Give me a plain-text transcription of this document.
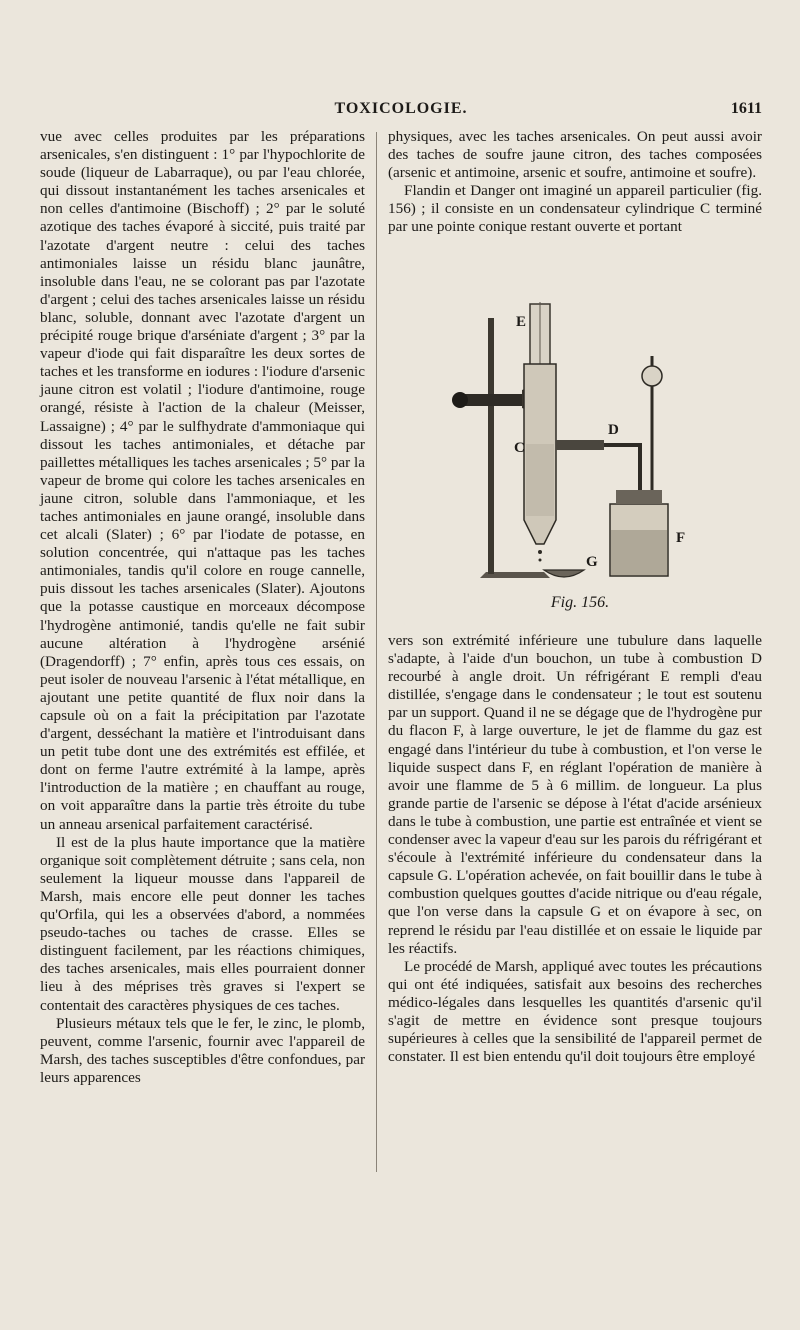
TOXICOLOGIE.	1611

vue avec celles produites par les préparations arsenicales, s'en distinguent : 1° par l'hypochlorite de soude (liqueur de Labarraque), ou par l'eau chlorée, qui dissout instantanément les taches arsenicales et non celles d'antimoine (Bischoff) ; 2° par le soluté azotique des taches évaporé à siccité, puis traité par l'azotate d'argent neutre : celui des taches antimoniales laisse un résidu blanc jaunâtre, insoluble dans l'eau, ne se colorant pas par l'azotate d'argent ; celui des taches arsenicales laisse un résidu blanc, soluble, donnant avec l'azotate d'argent un précipité rouge brique d'arséniate d'argent ; 3° par la vapeur d'iode qui fait disparaître les deux sortes de taches et les transforme en iodures : l'iodure d'arsenic jaune citron est volatil ; l'iodure d'antimoine, rouge orangé, résiste à l'action de la chaleur (Meisser, Lassaigne) ; 4° par le sulfhydrate d'ammoniaque qui dissout les taches antimoniales, et détache par paillettes métalliques les taches arsenicales ; 5° par la vapeur de brome qui colore les taches arsenicales en jaune citron, soluble dans l'ammoniaque, et les taches antimoniales en jaune orangé, insoluble dans cet alcali (Slater) ; 6° par l'iodate de potasse, en solution concentrée, qui n'attaque pas les taches antimoniales, tandis qu'il colore en rouge cannelle, puis dissout les taches arsenicales (Slater). Ajoutons que la potasse caustique en morceaux décompose l'hydrogène antimonié, tandis qu'elle ne fait subir aucune altération à l'hydrogène arsénié (Dragendorff) ; 7° enfin, après tous ces essais, on peut isoler de nouveau l'arsenic à l'état métallique, en ajoutant une petite quantité de flux noir dans la capsule où on a fait la précipitation par l'azotate d'argent, desséchant la matière et l'introduisant dans un petit tube dont une des extrémités est effilée, et dont on ferme l'autre extrémité à la lampe, après l'introduction de la matière ; en chauffant au rouge, on voit apparaître dans la partie très étroite du tube un anneau arsenical parfaitement caractérisé.

Il est de la plus haute importance que la matière organique soit complètement détruite ; sans cela, non seulement la liqueur mousse dans l'appareil de Marsh, mais encore elle peut donner les taches qu'Orfila, qui les a observées d'abord, a nommées pseudo-taches ou taches de crasse. Elles se distinguent facilement, par les réactions chimiques, des taches arsenicales, mais elles pourraient donner lieu à des méprises très graves si l'expert se contentait des caractères physiques de ces taches.

Plusieurs métaux tels que le fer, le zinc, le plomb, peuvent, comme l'arsenic, fournir avec l'appareil de Marsh, des taches susceptibles d'être confondues, par leurs apparences

physiques, avec les taches arsenicales. On peut aussi avoir des taches de soufre jaune citron, des taches composées (arsenic et antimoine, arsenic et soufre, antimoine et soufre).

Flandin et Danger ont imaginé un appareil particulier (fig. 156) ; il consiste en un condensateur cylindrique C terminé par une pointe conique restant ouverte et portant

E
C
D
F
G
Fig. 156.

vers son extrémité inférieure une tubulure dans laquelle s'adapte, à l'aide d'un bouchon, un tube à combustion D recourbé à angle droit. Un réfrigérant E rempli d'eau distillée, s'engage dans le condensateur ; le tout est soutenu par un support. Quand il ne se dégage que de l'hydrogène pur du flacon F, à large ouverture, le jet de flamme du gaz est engagé dans l'intérieur du tube à combustion, et l'on verse le liquide suspect dans F, en réglant l'opération de manière à avoir une flamme de 5 à 6 millim. de longueur. La plus grande partie de l'arsenic se dépose à l'état d'acide arsénieux dans le tube à combustion, une partie est entraînée et vient se condenser avec la vapeur d'eau sur les parois du réfrigérant et s'écoule à l'extrémité inférieure du condensateur dans la capsule G. L'opération achevée, on fait bouillir dans le tube à combustion quelques gouttes d'acide nitrique ou d'eau régale, que l'on verse dans la capsule G et on évapore à sec, on reprend le résidu par l'eau distillée et on essaie le liquide par les réactifs.

Le procédé de Marsh, appliqué avec toutes les précautions qui ont été indiquées, satisfait aux besoins des recherches médico-légales dans lesquelles les quantités d'arsenic qu'il s'agit de mettre en évidence sont presque toujours supérieures à celles que la sensibilité de l'appareil permet de constater. Il est bien entendu qu'il doit toujours être employé
